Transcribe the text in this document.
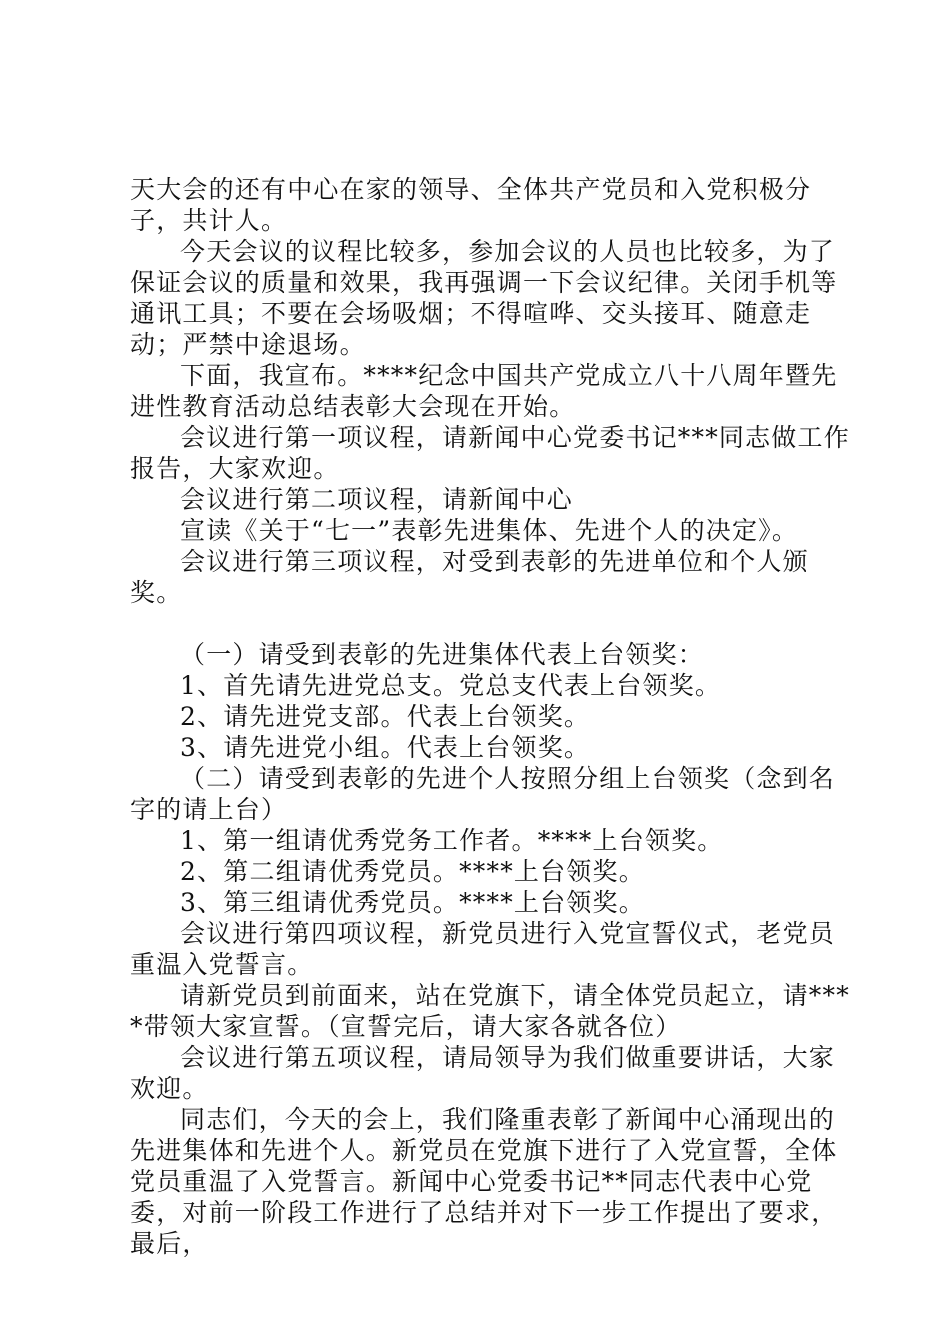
天大会的还有中心在家的领导、全体共产党员和入党积极分子，共计人。

今天会议的议程比较多，参加会议的人员也比较多，为了保证会议的质量和效果，我再强调一下会议纪律。关闭手机等通讯工具；不要在会场吸烟；不得喧哗、交头接耳、随意走动；严禁中途退场。

下面，我宣布。****纪念中国共产党成立八十八周年暨先进性教育活动总结表彰大会现在开始。

会议进行第一项议程，请新闻中心党委书记***同志做工作报告，大家欢迎。

会议进行第二项议程，请新闻中心

宣读《关于“七一”表彰先进集体、先进个人的决定》。

会议进行第三项议程，对受到表彰的先进单位和个人颁奖。

（一）请受到表彰的先进集体代表上台领奖：

1、首先请先进党总支。党总支代表上台领奖。

2、请先进党支部。代表上台领奖。

3、请先进党小组。代表上台领奖。

（二）请受到表彰的先进个人按照分组上台领奖（念到名字的请上台）

1、第一组请优秀党务工作者。****上台领奖。

2、第二组请优秀党员。****上台领奖。

3、第三组请优秀党员。****上台领奖。

会议进行第四项议程，新党员进行入党宣誓仪式，老党员重温入党誓言。

请新党员到前面来，站在党旗下，请全体党员起立，请****带领大家宣誓。（宣誓完后，请大家各就各位）

会议进行第五项议程，请局领导为我们做重要讲话，大家欢迎。

同志们，今天的会上，我们隆重表彰了新闻中心涌现出的先进集体和先进个人。新党员在党旗下进行了入党宣誓，全体党员重温了入党誓言。新闻中心党委书记**同志代表中心党委，对前一阶段工作进行了总结并对下一步工作提出了要求，最后，
